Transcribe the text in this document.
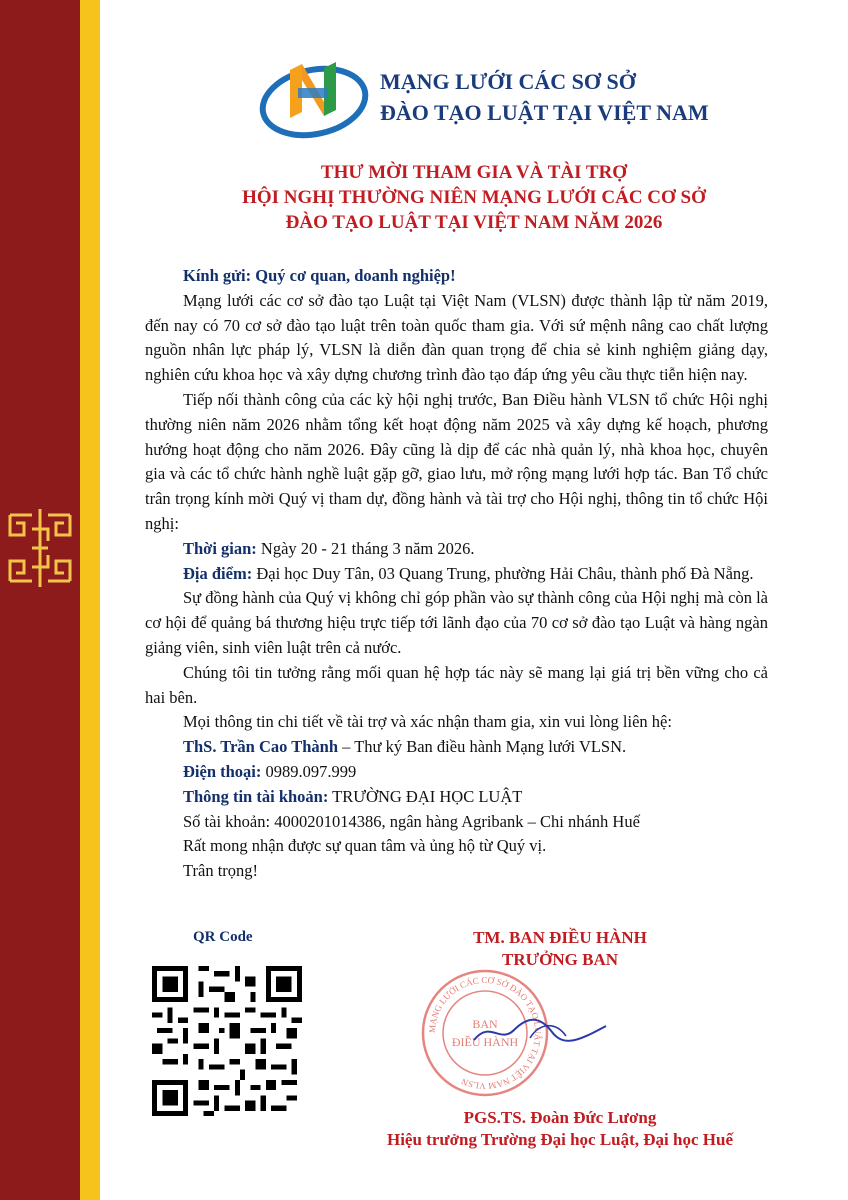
MẠNG LƯỚI CÁC SƠ SỞ
ĐÀO TẠO LUẬT TẠI VIỆT NAM
THƯ MỜI THAM GIA VÀ TÀI TRỢ
HỘI NGHỊ THƯỜNG NIÊN MẠNG LƯỚI CÁC CƠ SỞ
ĐÀO TẠO LUẬT TẠI VIỆT NAM NĂM 2026

Kính gửi: Quý cơ quan, doanh nghiệp!

Mạng lưới các cơ sở đào tạo Luật tại Việt Nam (VLSN) được thành lập từ năm 2019, đến nay có 70 cơ sở đào tạo luật trên toàn quốc tham gia. Với sứ mệnh nâng cao chất lượng nguồn nhân lực pháp lý, VLSN là diễn đàn quan trọng để chia sẻ kinh nghiệm giảng dạy, nghiên cứu khoa học và xây dựng chương trình đào tạo đáp ứng yêu cầu thực tiễn hiện nay.

Tiếp nối thành công của các kỳ hội nghị trước, Ban Điều hành VLSN tổ chức Hội nghị thường niên năm 2026 nhằm tổng kết hoạt động năm 2025 và xây dựng kế hoạch, phương hướng hoạt động cho năm 2026. Đây cũng là dịp để các nhà quản lý, nhà khoa học, chuyên gia và các tổ chức hành nghề luật gặp gỡ, giao lưu, mở rộng mạng lưới hợp tác. Ban Tổ chức trân trọng kính mời Quý vị tham dự, đồng hành và tài trợ cho Hội nghị, thông tin tổ chức Hội nghị:

Thời gian: Ngày 20 - 21 tháng 3 năm 2026.

Địa điểm: Đại học Duy Tân, 03 Quang Trung, phường Hải Châu, thành phố Đà Nẵng.

Sự đồng hành của Quý vị không chỉ góp phần vào sự thành công của Hội nghị mà còn là cơ hội để quảng bá thương hiệu trực tiếp tới lãnh đạo của 70 cơ sở đào tạo Luật và hàng ngàn giảng viên, sinh viên luật trên cả nước.

Chúng tôi tin tưởng rằng mối quan hệ hợp tác này sẽ mang lại giá trị bền vững cho cả hai bên.

Mọi thông tin chi tiết về tài trợ và xác nhận tham gia, xin vui lòng liên hệ:

ThS. Trần Cao Thành – Thư ký Ban điều hành Mạng lưới VLSN.

Điện thoại: 0989.097.999

Thông tin tài khoản: TRƯỜNG ĐẠI HỌC LUẬT

Số tài khoản: 4000201014386, ngân hàng Agribank – Chi nhánh Huế

Rất mong nhận được sự quan tâm và ủng hộ từ Quý vị.

Trân trọng!

QR Code	TM. BAN ĐIỀU HÀNH
TRƯỞNG BAN
MẠNG LƯỚI CÁC CƠ SỞ ĐÀO TẠO LUẬT TẠI VIỆT NAM VLSN
BAN
ĐIỀU HÀNH
PGS.TS. Đoàn Đức Lương
Hiệu trưởng Trường Đại học Luật, Đại học Huế
